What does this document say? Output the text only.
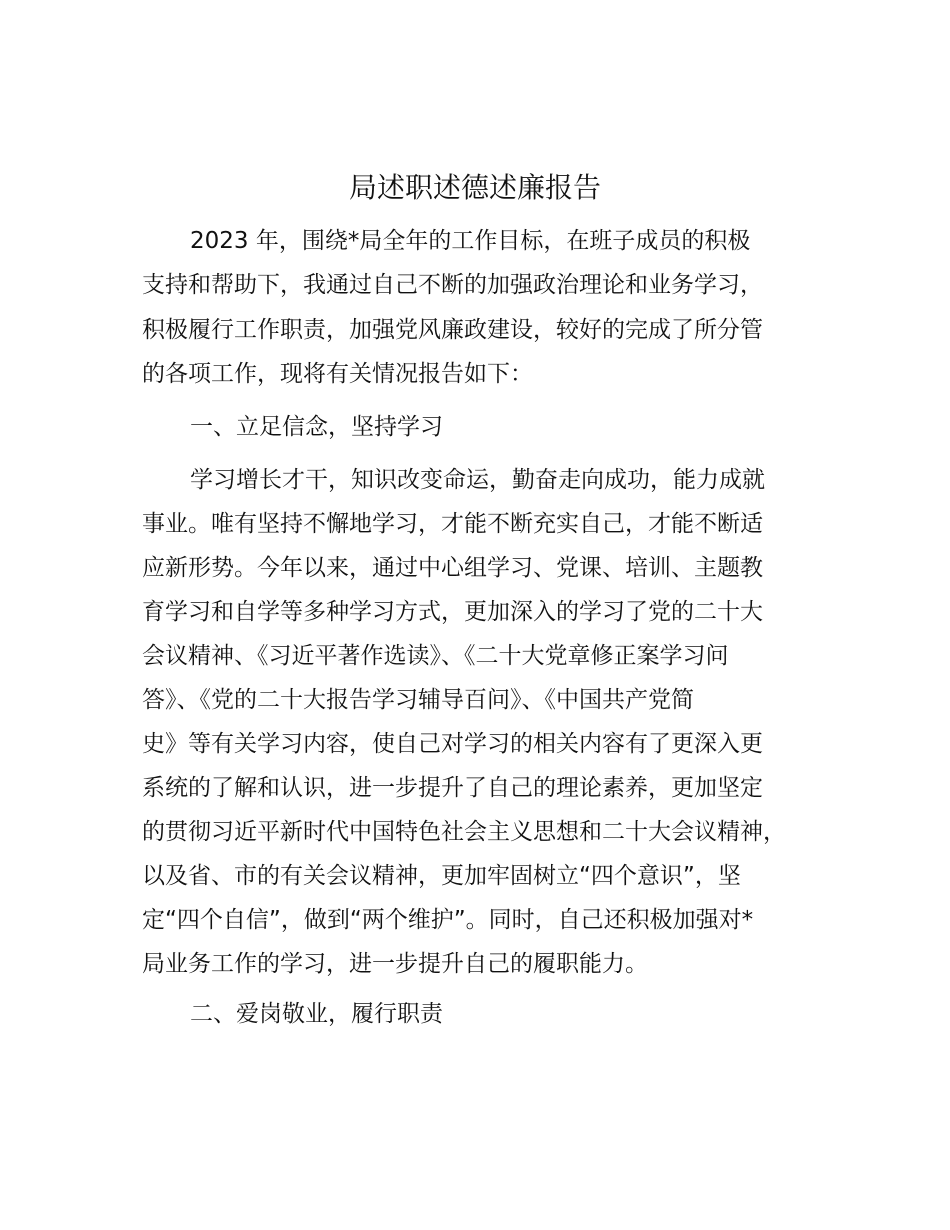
局述职述德述廉报告

2023 年，围绕*局全年的工作目标，在班子成员的积极

支持和帮助下，我通过自己不断的加强政治理论和业务学习，

积极履行工作职责，加强党风廉政建设，较好的完成了所分管

的各项工作，现将有关情况报告如下：

一、立足信念，坚持学习

学习增长才干，知识改变命运，勤奋走向成功，能力成就

事业。唯有坚持不懈地学习，才能不断充实自己，才能不断适

应新形势。今年以来，通过中心组学习、党课、培训、主题教

育学习和自学等多种学习方式，更加深入的学习了党的二十大

会议精神、《习近平著作选读》、《二十大党章修正案学习问

答》、《党的二十大报告学习辅导百问》、《中国共产党简

史》等有关学习内容，使自己对学习的相关内容有了更深入更

系统的了解和认识，进一步提升了自己的理论素养，更加坚定

的贯彻习近平新时代中国特色社会主义思想和二十大会议精神，

以及省、市的有关会议精神，更加牢固树立“四个意识”，坚

定“四个自信”，做到“两个维护”。同时，自己还积极加强对*

局业务工作的学习，进一步提升自己的履职能力。

二、爱岗敬业，履行职责
